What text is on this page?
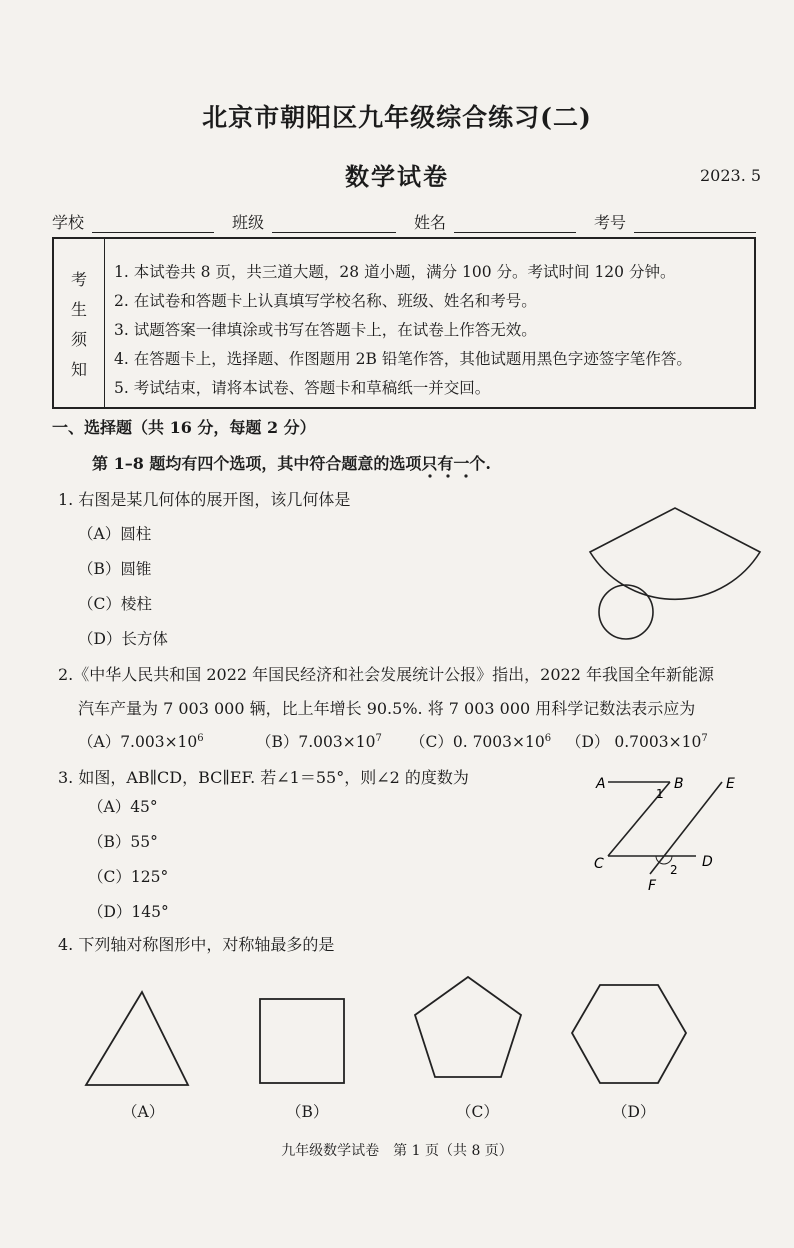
北京市朝阳区九年级综合练习(二)
数学试卷	2023. 5
学校	班级	姓名	考号
考
生
须
知
1. 本试卷共 8 页，共三道大题，28 道小题，满分 100 分。考试时间 120 分钟。
2. 在试卷和答题卡上认真填写学校名称、班级、姓名和考号。
3. 试题答案一律填涂或书写在答题卡上，在试卷上作答无效。
4. 在答题卡上，选择题、作图题用 2B 铅笔作答，其他试题用黑色字迹签字笔作答。
5. 考试结束，请将本试卷、答题卡和草稿纸一并交回。
一、选择题（共 16 分，每题 2 分）
第 1–8 题均有四个选项，其中符合题意的选项只有一个.
1. 右图是某几何体的展开图，该几何体是
（A）圆柱
（B）圆锥
（C）棱柱
（D）长方体
2.《中华人民共和国 2022 年国民经济和社会发展统计公报》指出，2022 年我国全年新能源
汽车产量为 7 003 000 辆，比上年增长 90.5%. 将 7 003 000 用科学记数法表示应为
$(A)7.003\times 10^6$	$(B)7.003\times 10^7$ （C）0. $7003\times 10^6$ （D） $0.7003\times 10^7$
3. 如图，AB∥CD，BC∥EF. 若∠1＝55°，则∠2 的度数为
（A）45°
（B）55°
（C）125°
（D）145°
A	B	E
C	D
F
1
2
4. 下列轴对称图形中，对称轴最多的是
（A）	（B）	（C）	（D）
九年级数学试卷　第 1 页（共 8 页）
